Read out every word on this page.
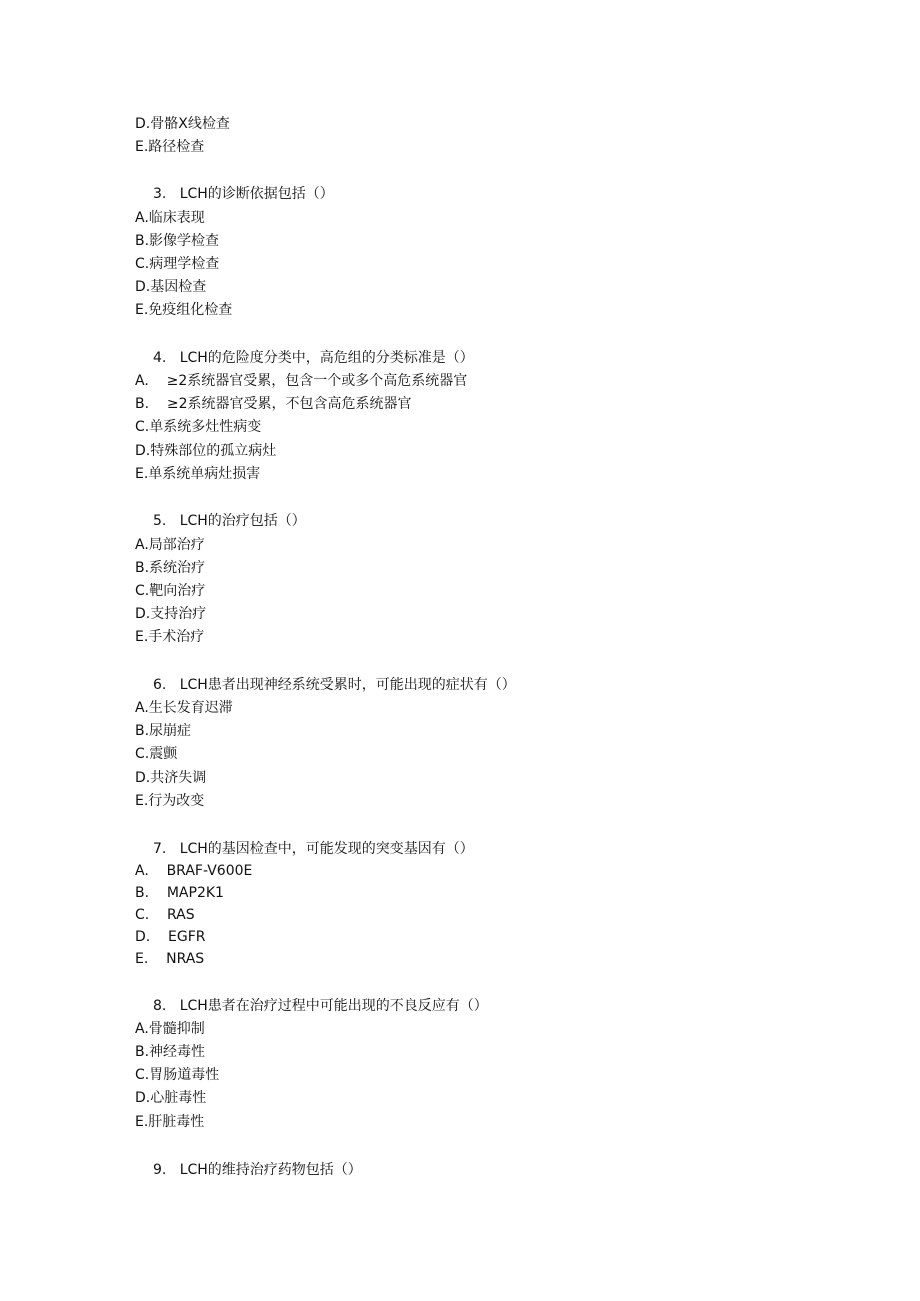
D.骨骼X线检查
E.路径检查
3.   LCH的诊断依据包括（）
A.临床表现
B.影像学检查
C.病理学检查
D.基因检查
E.免疫组化检查
4.   LCH的危险度分类中，高危组的分类标准是（）
A.    ≥2系统器官受累，包含一个或多个高危系统器官
B.    ≥2系统器官受累，不包含高危系统器官
C.单系统多灶性病变
D.特殊部位的孤立病灶
E.单系统单病灶损害
5.   LCH的治疗包括（）
A.局部治疗
B.系统治疗
C.靶向治疗
D.支持治疗
E.手术治疗
6.   LCH患者出现神经系统受累时，可能出现的症状有（）
A.生长发育迟滞
B.尿崩症
C.震颤
D.共济失调
E.行为改变
7.   LCH的基因检查中，可能发现的突变基因有（）
A.    BRAF-V600E
B.    MAP2K1
C.    RAS
D.    EGFR
E.    NRAS
8.   LCH患者在治疗过程中可能出现的不良反应有（）
A.骨髓抑制
B.神经毒性
C.胃肠道毒性
D.心脏毒性
E.肝脏毒性
9.   LCH的维持治疗药物包括（）
